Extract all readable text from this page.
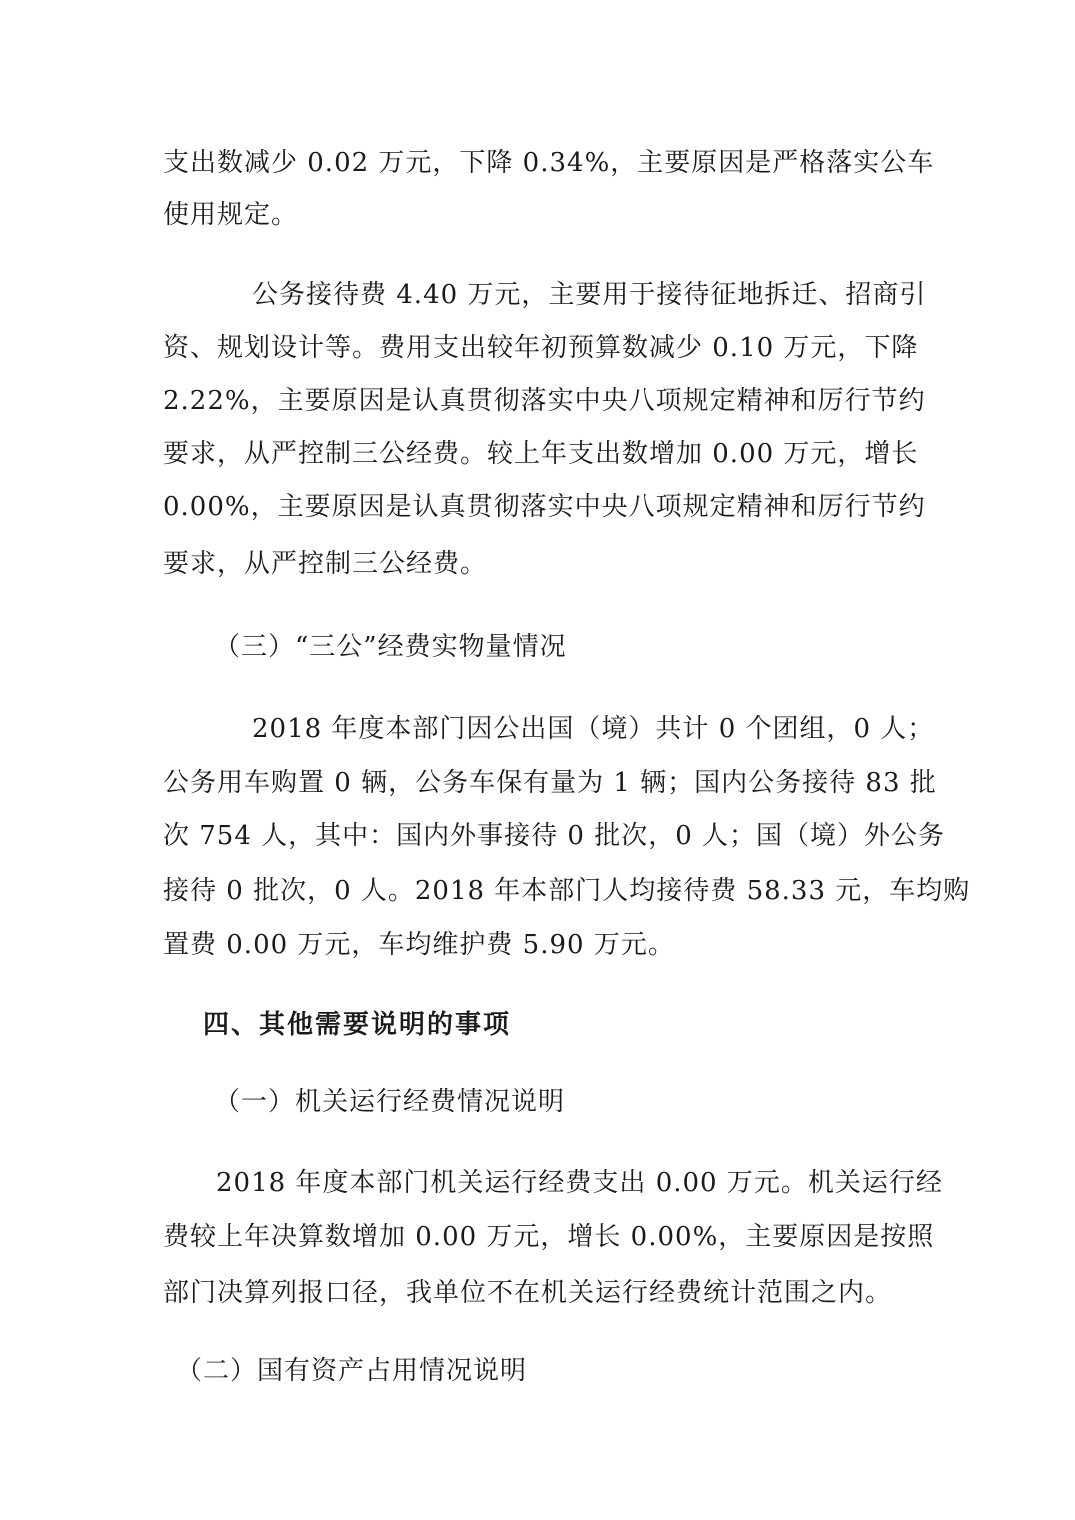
支出数减少 0.02 万元，下降 0.34%，主要原因是严格落实公车
使用规定。
公务接待费 4.40 万元，主要用于接待征地拆迁、招商引
资、规划设计等。费用支出较年初预算数减少 0.10 万元，下降
2.22%，主要原因是认真贯彻落实中央八项规定精神和厉行节约
要求，从严控制三公经费。较上年支出数增加 0.00 万元，增长
0.00%，主要原因是认真贯彻落实中央八项规定精神和厉行节约
要求，从严控制三公经费。
（三）“三公”经费实物量情况
2018 年度本部门因公出国（境）共计 0 个团组，0 人；
公务用车购置 0 辆，公务车保有量为 1 辆；国内公务接待 83 批
次 754 人，其中：国内外事接待 0 批次，0 人；国（境）外公务
接待 0 批次，0 人。2018 年本部门人均接待费 58.33 元，车均购
置费 0.00 万元，车均维护费 5.90 万元。
四、其他需要说明的事项
（一）机关运行经费情况说明
2018 年度本部门机关运行经费支出 0.00 万元。机关运行经
费较上年决算数增加 0.00 万元，增长 0.00%，主要原因是按照
部门决算列报口径，我单位不在机关运行经费统计范围之内。
（二）国有资产占用情况说明
